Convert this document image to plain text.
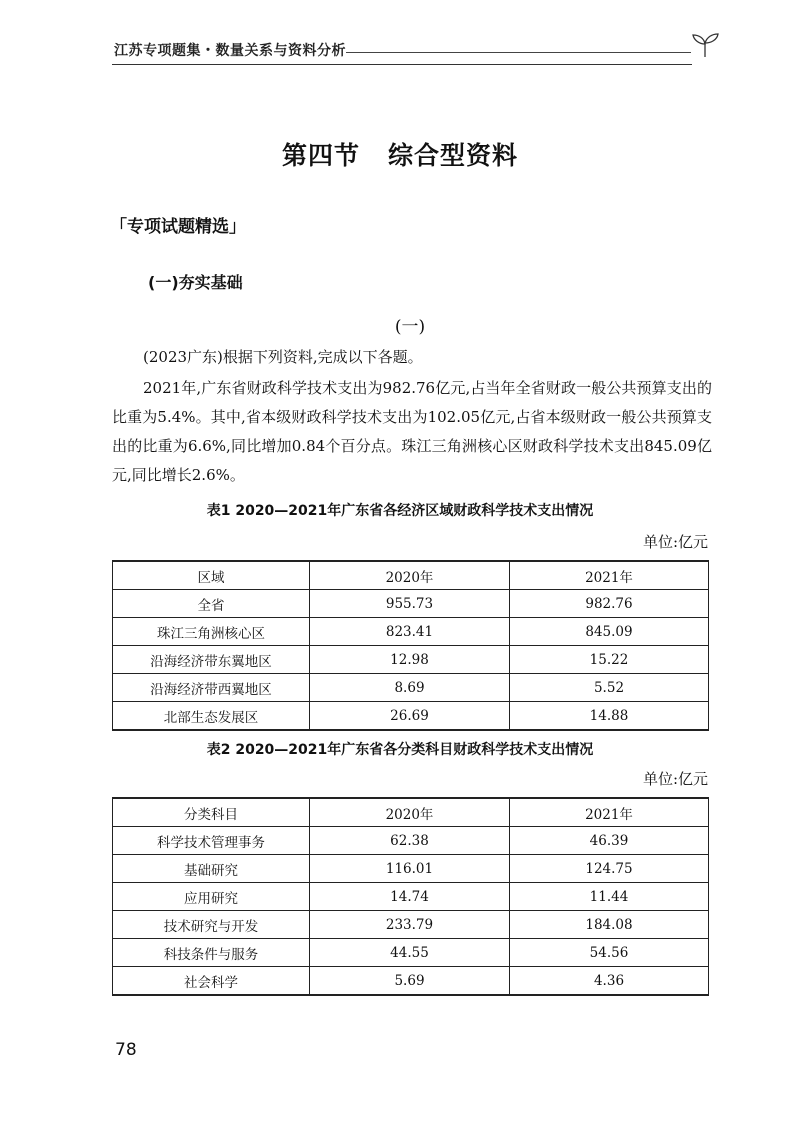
江苏专项题集・数量关系与资料分析
第四节 综合型资料
「专项试题精选」
(一)夯实基础
(一)
(2023广东)根据下列资料,完成以下各题。
2021年,广东省财政科学技术支出为982.76亿元,占当年全省财政一般公共预算支出的比重为5.4%。其中,省本级财政科学技术支出为102.05亿元,占省本级财政一般公共预算支出的比重为6.6%,同比增加0.84个百分点。珠江三角洲核心区财政科学技术支出845.09亿元,同比增长2.6%。
表1 2020—2021年广东省各经济区域财政科学技术支出情况
单位:亿元
区域	2020年	2021年
全省	955.73	982.76
珠江三角洲核心区	823.41	845.09
沿海经济带东翼地区	12.98	15.22
沿海经济带西翼地区	8.69	5.52
北部生态发展区	26.69	14.88
表2 2020—2021年广东省各分类科目财政科学技术支出情况
单位:亿元
分类科目	2020年	2021年
科学技术管理事务	62.38	46.39
基础研究	116.01	124.75
应用研究	14.74	11.44
技术研究与开发	233.79	184.08
科技条件与服务	44.55	54.56
社会科学	5.69	4.36
78
